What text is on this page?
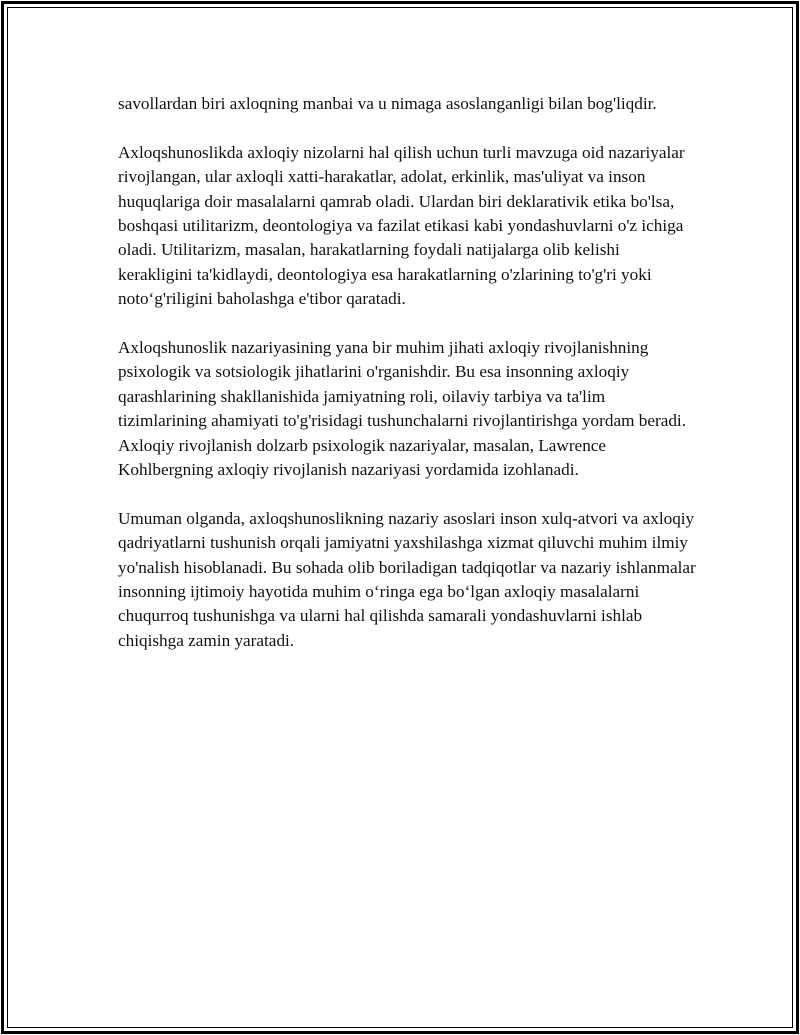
savollardan biri axloqning manbai va u nimaga asoslanganligi bilan bog'liqdir.

Axloqshunoslikda axloqiy nizolarni hal qilish uchun turli mavzuga oid nazariyalar rivojlangan, ular axloqli xatti-harakatlar, adolat, erkinlik, mas'uliyat va inson huquqlariga doir masalalarni qamrab oladi. Ulardan biri deklarativik etika bo'lsa, boshqasi utilitarizm, deontologiya va fazilat etikasi kabi yondashuvlarni o'z ichiga oladi. Utilitarizm, masalan, harakatlarning foydali natijalarga olib kelishi kerakligini ta'kidlaydi, deontologiya esa harakatlarning o'zlarining to'g'ri yoki noto‘g'riligini baholashga e'tibor qaratadi.

Axloqshunoslik nazariyasining yana bir muhim jihati axloqiy rivojlanishning psixologik va sotsiologik jihatlarini o'rganishdir. Bu esa insonning axloqiy qarashlarining shakllanishida jamiyatning roli, oilaviy tarbiya va ta'lim tizimlarining ahamiyati to'g'risidagi tushunchalarni rivojlantirishga yordam beradi. Axloqiy rivojlanish dolzarb psixologik nazariyalar, masalan, Lawrence Kohlbergning axloqiy rivojlanish nazariyasi yordamida izohlanadi.

Umuman olganda, axloqshunoslikning nazariy asoslari inson xulq-atvori va axloqiy qadriyatlarni tushunish orqali jamiyatni yaxshilashga xizmat qiluvchi muhim ilmiy yo'nalish hisoblanadi. Bu sohada olib boriladigan tadqiqotlar va nazariy ishlanmalar insonning ijtimoiy hayotida muhim o‘ringa ega bo‘lgan axloqiy masalalarni chuqurroq tushunishga va ularni hal qilishda samarali yondashuvlarni ishlab chiqishga zamin yaratadi.
